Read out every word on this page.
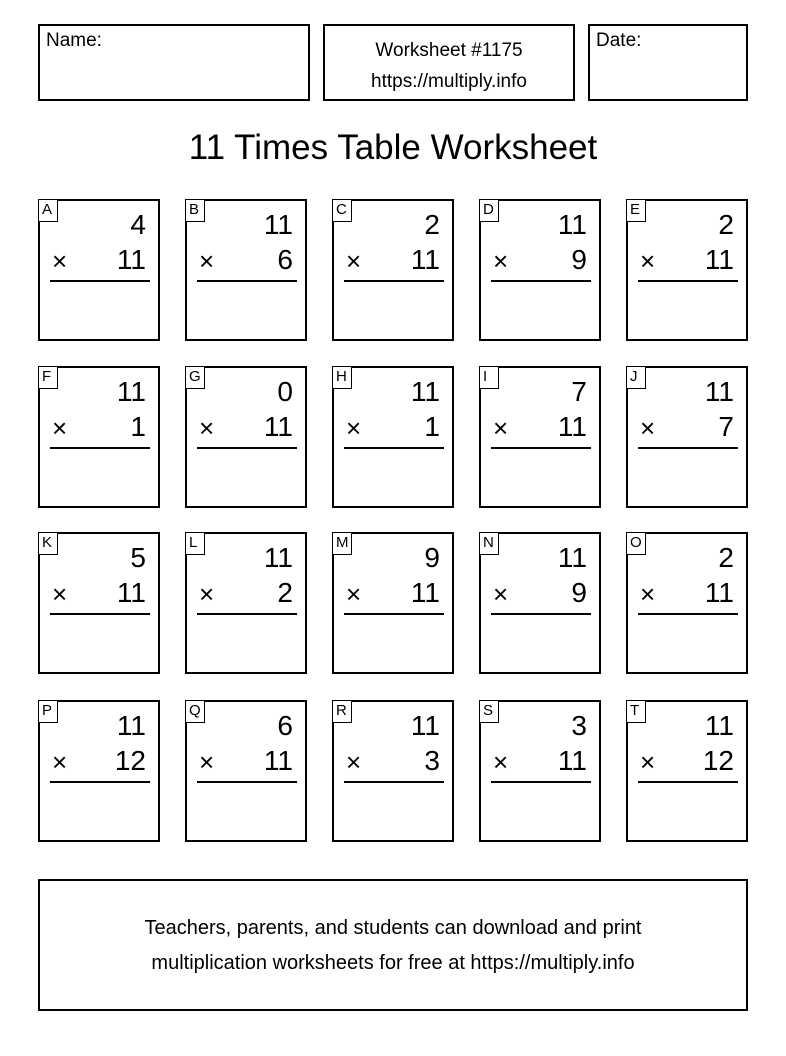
Name:	Worksheet #1175
https://multiply.info
Date:
11 Times Table Worksheet
A	4
× 11
B 11
× 6
C	2
× 11
D 11
× 9
E	2
× 11
F 11
× 1
G	0
× 11
H 11
× 1
I	7
× 11
J	11
× 7
K	5
× 11
L 11
× 2
M	9
× 11
N 11
× 9
O	2
× 11
P 11
× 12
Q	6
× 11
R 11
× 3
S	3
× 11
T 11
× 12
Teachers, parents, and students can download and print
multiplication worksheets for free at https://multiply.info
